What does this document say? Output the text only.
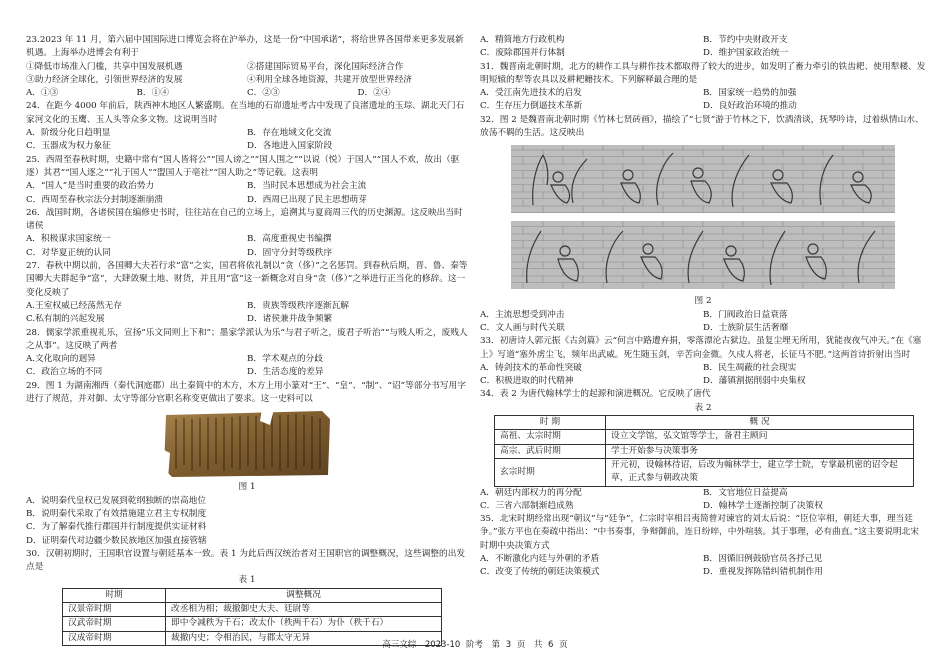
23.2023 年 11 月，第六届中国国际进口博览会将在沪举办，这是一份“中国承诺”，将给世界各国带来更多发展新机遇。上海举办进博会有利于

①降低市场准入门槛，共享中国发展机遇	②搭建国际贸易平台，深化国际经济合作
③助力经济全球化，引领世界经济的发展	④利用全球各地资源，共建开放型世界经济
A．①③	B．①④	C．②③	D．②④

24．在距今 4000 年前后，陕西神木地区人繁盛期。在当地的石峁遗址考古中发现了良渚遗址的玉琮、湖北天门石家河文化的玉鹰、玉人头等众多文物。这说明当时

A．阶级分化日趋明显	B．存在地域文化交流
C．玉器成为权力象征	D．各地进入国家阶段

25．西周至春秋时期，史籍中常有“国人皆将公”“国人谤之”“国人围之”“以说（悦）于国人”“国人不欢，故出（驱逐）其君”“国人逐之”“礼于国人”“盟国人于亳社”“国人助之”等记载。这表明

A．“国人”是当时重要的政治势力	B．当时民本思想成为社会主流
C．西周至春秋宗法分封制逐渐崩溃	D．西周已出现了民主思想萌芽

26．战国时期，各诸侯国在编修史书时，往往站在自己的立场上，追溯其与夏商周三代的历史渊源。这反映出当时诸侯

A．积极谋求国家统一	B．高度重视史书编撰
C．对华夏正统的认同	D．固守分封等级秩序

27．春秋中期以前，各国卿大夫若行求“富”之实，国君将依礼制以“贪（侈）”之名惩罚。到春秋后期，晋、鲁、秦等国卿大夫群起争“富”，大肆敛聚土地、财货，并且用“富”这一新概念对自身“贪（侈）”之举进行正当化的修辞。这一变化反映了

A.王室权威已经荡然无存	B．贵族等级秩序逐渐瓦解
C.私有制的兴起发展	D．诸侯兼并战争频繁

28．儒家学派重视礼乐，宣扬“乐文同则上下和”；墨家学派认为乐“与君子听之，废君子听治”“与贱人听之，废贱人之从事”。这反映了两者

A.文化取向的迥异	B．学术观点的分歧
C．政治立场的不同	D．生活态度的差异

29．图 1 为湖南湘西（秦代洞庭郡）出土秦简中的木方，木方上用小篆对“王”、“皇”、“制”、“诏”等部分书写用字进行了规范，并对御、太守等部分官职名称变更做出了要求。这一史料可以

图 1

A．说明秦代皇权已发展到乾纲独断的崇高地位
B．说明秦代采取了有效措施建立君主专权制度
C．为了解秦代推行郡国并行制度提供实证材料
D．证明秦代对边疆少数民族地区加强直接管辖

30．汉朝初期时，王国职官设置与朝廷基本一致。表 1 为此后西汉统治者对王国职官的调整概况，这些调整的出发点是

表 1

时期	调整概况
汉景帝时期	改丞相为相；裁撤御史大夫、廷尉等
汉武帝时期	即中令减秩为千石；改太仆（秩两千石）为仆（秩千石）
汉成帝时期	裁撤内史；令相治民，与郡太守无异
A．精简地方行政机构	B．节约中央财政开支
C．废除郡国并行体制	D．维护国家政治统一

31．魏晋南北朝时期，北方的耕作工具与耕作技术都取得了较大的进步，如发明了畜力牵引的铁齿耙、使用犁耧、发明短辕的犁等农具以及耕耙耱技术。下列解释最合理的是

A．受江南先进技术的启发	B．国家统一趋势的加强
C．生存压力倒逼技术革新	D．良好政治环境的推动

32．图 2 是魏晋南北朝时期《竹林七贤砖画》，描绘了“七贤”游于竹林之下，饮酒清谈，抚琴吟诗，过着纵情山水、放荡不羁的生活。这反映出

图 2

A．主流思想受到冲击	B．门阀政治日益衰落
C．文人画与时代关联	D．士族阶层生活奢靡

33．初唐诗人郭元振《古剑篇》云“何言中路遭弃捐，零落漂沦古狱边。虽复尘埋无所用，犹能夜夜气冲天。”在《塞上》写道“塞外虏尘飞，频年出武威。死生随玉剑，辛苦向金微。久戍人将老，长征马不肥。”这两首诗折射出当时

A．铸剑技术的革命性突破	B．民生凋蔽的社会现实
C．积极进取的时代精神	D．藩镇割据削弱中央集权

34．表 2 为唐代翰林学士的起源和演进概况。它反映了唐代

表 2

时 期	概 况
高祖、太宗时期	设立文学馆，弘文馆等学士，备君主顾问
高宗、武后时期	学士开始参与决策事务
玄宗时期	开元初，设翰林待诏，后改为翰林学士，建立学士院，专掌最机密的诏令起草，正式参与朝政决策
A．朝廷内部权力的再分配	B．文官地位日益提高
C．三省六部制渐趋成熟	D．翰林学士逐渐控制了决策权

35．北宋时期经常出现“朝议”与“廷争”，仁宗时宰相吕夷简曾对谏官的刘太后说：“臣位宰相，朝廷大事，理当廷争。”张方平也在奏疏中指出：“中书奏事，争辩御前，连日纷啐，中外喧骇。其于事理，必有曲直。”这主要说明北宋时期中央决策方式

A．不断激化内廷与外朝的矛盾	B．因循旧例鼓励官员各抒己见
C．改变了传统的朝廷决策模式	D．重视发挥陈错纠错机制作用
高三文综　2023-10 阶考　第 3 页　共 6 页
